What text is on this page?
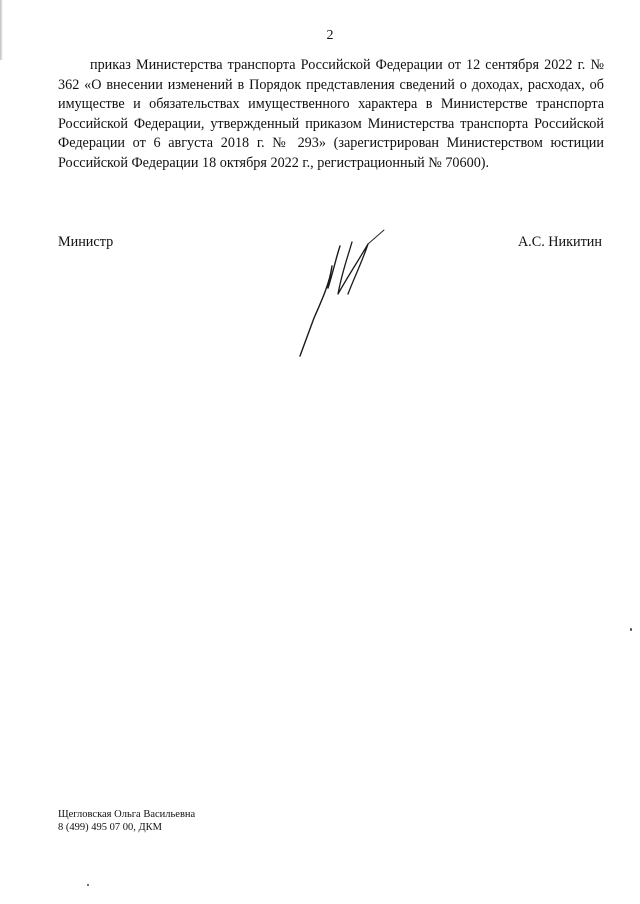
2

приказ Министерства транспорта Российской Федерации от 12 сентября 2022 г. № 362 «О внесении изменений в Порядок представления сведений о доходах, расходах, об имуществе и обязательствах имущественного характера в Министерстве транспорта Российской Федерации, утвержденный приказом Министерства транспорта Российской Федерации от 6 августа 2018 г. № 293» (зарегистрирован Министерством юстиции Российской Федерации 18 октября 2022 г., регистрационный № 70600).

Министр	А.С. Никитин
Щегловская Ольга Васильевна
8 (499) 495 07 00, ДКМ
